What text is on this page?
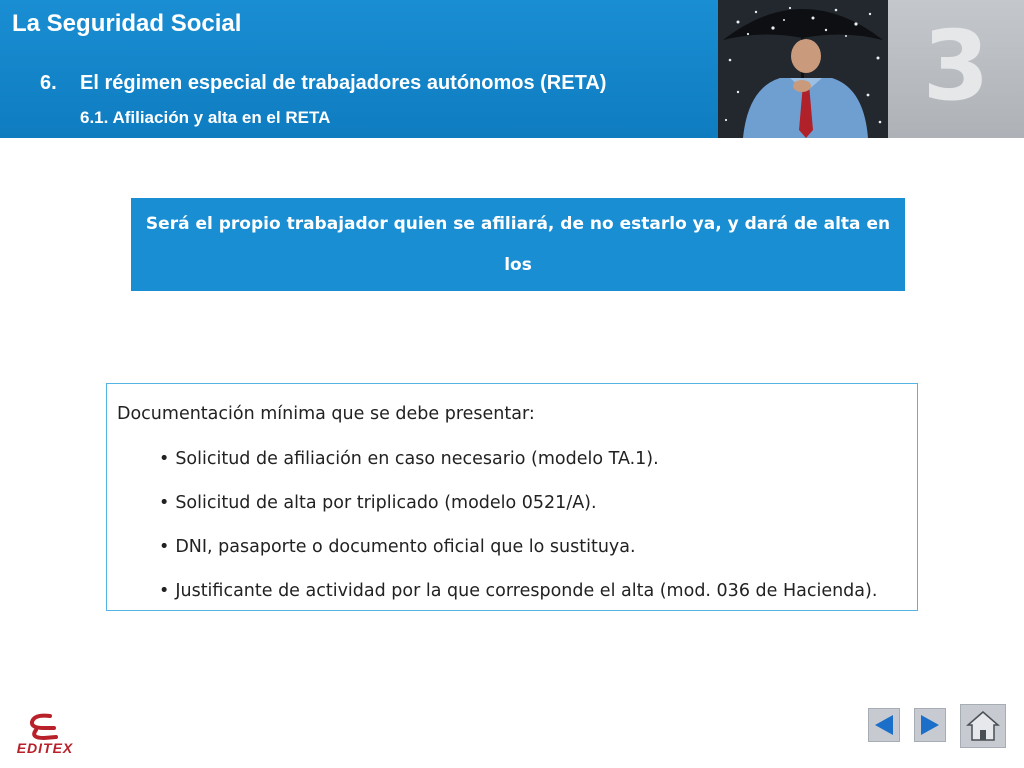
La Seguridad Social
6. El régimen especial de trabajadores autónomos (RETA)
6.1. Afiliación y alta en el RETA	3
Será el propio trabajador quien se afiliará, de no estarlo ya, y dará de alta en los
30 días naturales siguientes al inicio de la actividad, ante la TGSS.
Documentación mínima que se debe presentar:
• Solicitud de afiliación en caso necesario (modelo TA.1).
• Solicitud de alta por triplicado (modelo 0521/A).
• DNI, pasaporte o documento oficial que lo sustituya.
• Justificante de actividad por la que corresponde el alta (mod. 036 de Hacienda).
EDITEX
